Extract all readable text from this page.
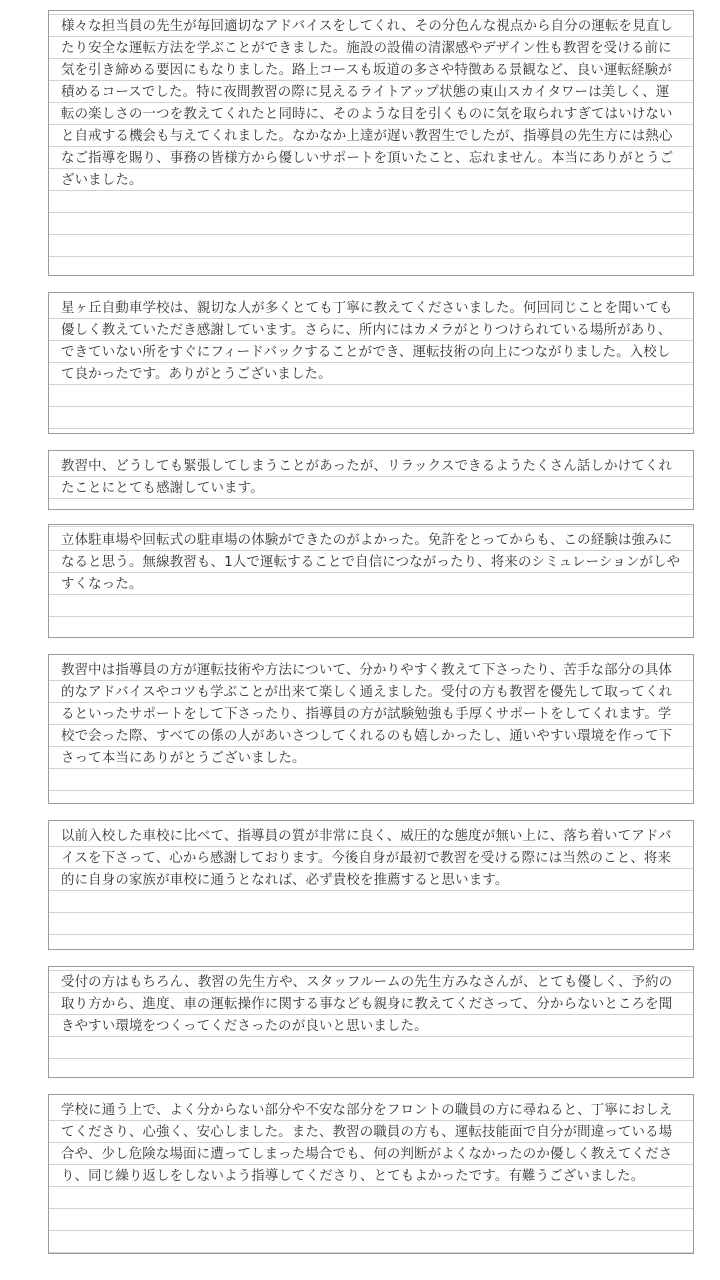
様々な担当員の先生が毎回適切なアドバイスをしてくれ、その分色んな視点から自分の運転を見直したり安全な運転方法を学ぶことができました。施設の設備の清潔感やデザイン性も教習を受ける前に気を引き締める要因にもなりました。路上コースも坂道の多さや特徴ある景観など、良い運転経験が積めるコースでした。特に夜間教習の際に見えるライトアップ状態の東山スカイタワーは美しく、運転の楽しさの一つを教えてくれたと同時に、そのような目を引くものに気を取られすぎてはいけないと自戒する機会も与えてくれました。なかなか上達が遅い教習生でしたが、指導員の先生方には熱心なご指導を賜り、事務の皆様方から優しいサポートを頂いたこと、忘れません。本当にありがとうございました。

星ヶ丘自動車学校は、親切な人が多くとても丁寧に教えてくださいました。何回同じことを聞いても優しく教えていただき感謝しています。さらに、所内にはカメラがとりつけられている場所があり、できていない所をすぐにフィードバックすることができ、運転技術の向上につながりました。入校して良かったです。ありがとうございました。

教習中、どうしても緊張してしまうことがあったが、リラックスできるようたくさん話しかけてくれたことにとても感謝しています。

立体駐車場や回転式の駐車場の体験ができたのがよかった。免許をとってからも、この経験は強みになると思う。無線教習も、1人で運転することで自信につながったり、将来のシミュレーションがしやすくなった。

教習中は指導員の方が運転技術や方法について、分かりやすく教えて下さったり、苦手な部分の具体的なアドバイスやコツも学ぶことが出来て楽しく通えました。受付の方も教習を優先して取ってくれるといったサポートをして下さったり、指導員の方が試験勉強も手厚くサポートをしてくれます。学校で会った際、すべての係の人があいさつしてくれるのも嬉しかったし、通いやすい環境を作って下さって本当にありがとうございました。

以前入校した車校に比べて、指導員の質が非常に良く、威圧的な態度が無い上に、落ち着いてアドバイスを下さって、心から感謝しております。今後自身が最初で教習を受ける際には当然のこと、将来的に自身の家族が車校に通うとなれば、必ず貴校を推薦すると思います。

受付の方はもちろん、教習の先生方や、スタッフルームの先生方みなさんが、とても優しく、予約の取り方から、進度、車の運転操作に関する事なども親身に教えてくださって、分からないところを聞きやすい環境をつくってくださったのが良いと思いました。

学校に通う上で、よく分からない部分や不安な部分をフロントの職員の方に尋ねると、丁寧におしえてくださり、心強く、安心しました。また、教習の職員の方も、運転技能面で自分が間違っている場合や、少し危険な場面に遭ってしまった場合でも、何の判断がよくなかったのか優しく教えてくださり、同じ繰り返しをしないよう指導してくださり、とてもよかったです。有難うございました。
